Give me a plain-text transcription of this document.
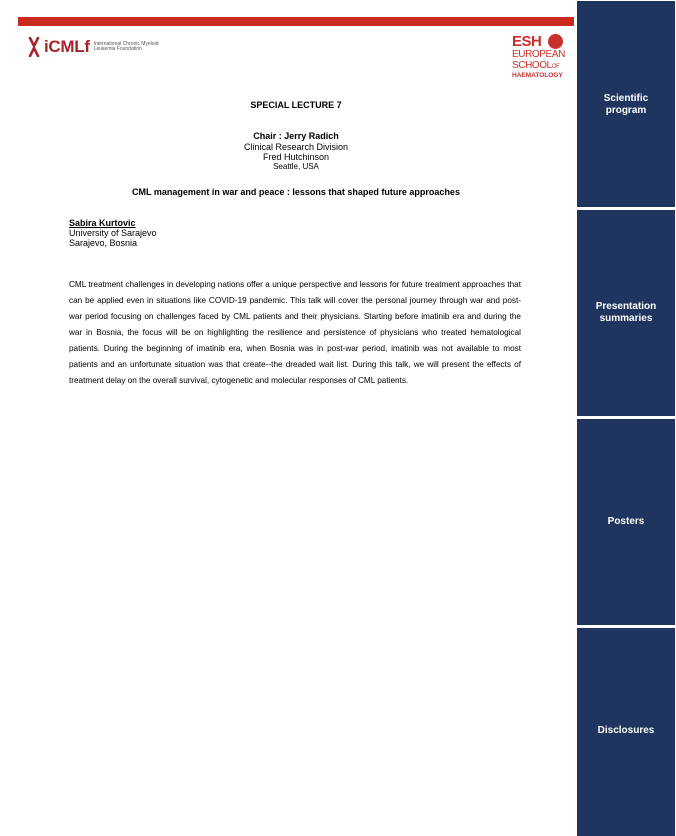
iCMLf International Chronic Myeloid Leukemia Foundation	ESH
EUROPEAN
SCHOOLOF
HAEMATOLOGY
SPECIAL LECTURE 7
Chair : Jerry Radich
Clinical Research Division
Fred Hutchinson
Seattle, USA
CML management in war and peace : lessons that shaped future approaches
Sabira Kurtovic
University of Sarajevo
Sarajevo, Bosnia
CML treatment challenges in developing nations offer a unique perspective and lessons for future treatment approaches that can be applied even in situations like COVID-19 pandemic. This talk will cover the personal journey through war and post-war period focusing on challenges faced by CML patients and their physicians. Starting before imatinib era and during the war in Bosnia, the focus will be on highlighting the resilience and persistence of physicians who treated hematological patients. During the beginning of imatinib era, when Bosnia was in post-war period, imatinib was not available to most patients and an unfortunate situation was that create--the dreaded wait list. During this talk, we will present the effects of treatment delay on the overall survival, cytogenetic and molecular responses of CML patients.
Scientific
program
Presentation
summaries
Posters
Disclosures
